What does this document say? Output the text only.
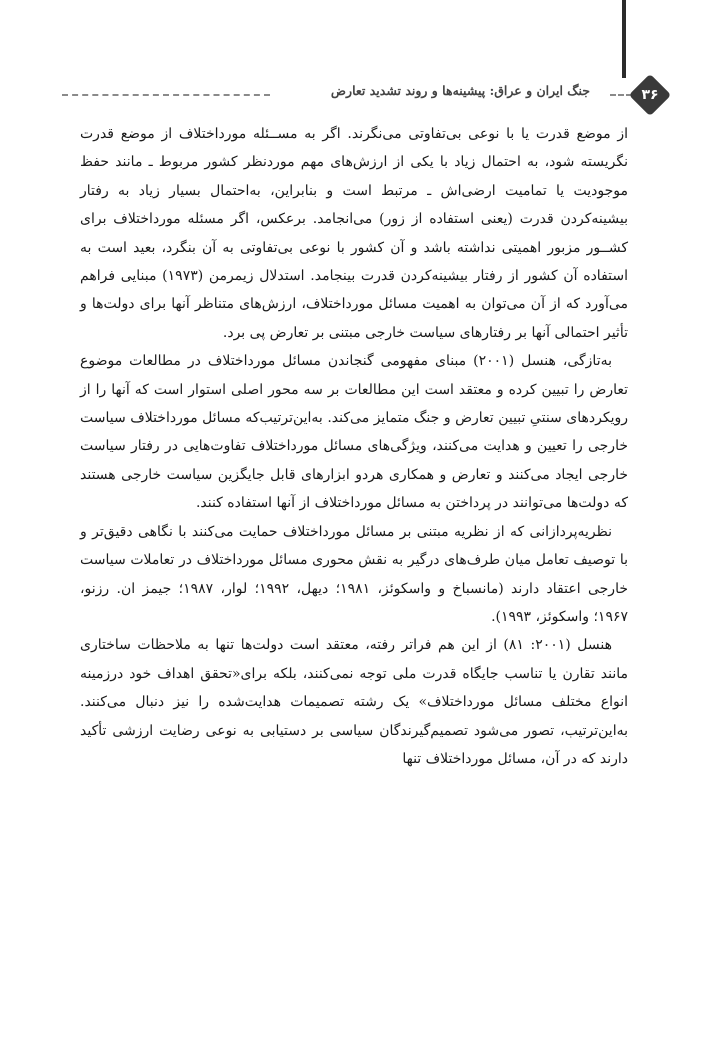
جنگ ایران و عراق: پیشینه‌ها و روند تشدید تعارض	۳۶

از موضع قدرت یا با نوعی بی‌تفاوتی می‌نگرند. اگر به مســئله مورداختلاف از موضع قدرت نگریسته شود، به احتمال زیاد با یکی از ارزش‌های مهم موردنظر کشور مربوط ـ مانند حفظ موجودیت یا تمامیت ارضی‌اش ـ مرتبط است و بنابراین، به‌احتمال بسیار زیاد به رفتار بیشینه‌کردن قدرت (یعنی استفاده از زور) می‌انجامد. برعکس، اگر مسئله مورداختلاف برای کشــور مزبور اهمیتی نداشته باشد و آن کشور با نوعی بی‌تفاوتی به آن بنگرد، بعید است به استفاده آن کشور از رفتار بیشینه‌کردن قدرت بینجامد. استدلال زیمرمن (۱۹۷۳) مبنایی فراهم می‌آورد که از آن می‌توان به اهمیت مسائل مورداختلاف، ارزش‌های متناظر آنها برای دولت‌ها و تأثیر احتمالی آنها بر رفتارهای سیاست خارجی مبتنی بر تعارض پی برد.

به‌تازگی، هنسل (۲۰۰۱) مبنای مفهومی گنجاندن مسائل مورداختلاف در مطالعات موضوع تعارض را تبیین کرده و معتقد است این مطالعات بر سه محور اصلی استوار است که آنها را از رویکردهای سنتیِ تبیین تعارض و جنگ متمایز می‌کند. به‌این‌ترتیب‌که مسائل مورداختلاف سیاست خارجی را تعیین و هدایت می‌کنند، ویژگی‌های مسائل مورداختلاف تفاوت‌هایی در رفتار سیاست خارجی ایجاد می‌کنند و تعارض و همکاری هردو ابزارهای قابل جایگزین سیاست خارجی هستند که دولت‌ها می‌توانند در پرداختن به مسائل مورداختلاف از آنها استفاده کنند.

نظریه‌پردازانی که از نظریه مبتنی بر مسائل مورداختلاف حمایت می‌کنند با نگاهی دقیق‌تر و با توصیف تعامل میان طرف‌های درگیر به نقش محوری مسائل مورداختلاف در تعاملات سیاست خارجی اعتقاد دارند (مانسباخ و واسکوئز، ۱۹۸۱؛ دیهل، ۱۹۹۲؛ لوار، ۱۹۸۷؛ جیمز ان. رزنو، ۱۹۶۷؛ واسکوئز، ۱۹۹۳).

هنسل (۲۰۰۱: ۸۱) از این هم فراتر رفته، معتقد است دولت‌ها تنها به ملاحظات ساختاری مانند تقارن یا تناسب جایگاه قدرت ملی توجه نمی‌کنند، بلکه برای«تحقق اهداف خود درزمینه انواع مختلف مسائل مورداختلاف» یک رشته تصمیمات هدایت‌شده را نیز دنبال می‌کنند. به‌این‌ترتیب، تصور می‌شود تصمیم‌گیرندگان سیاسی بر دستیابی به نوعی رضایت ارزشی تأکید دارند که در آن، مسائل مورداختلاف تنها
